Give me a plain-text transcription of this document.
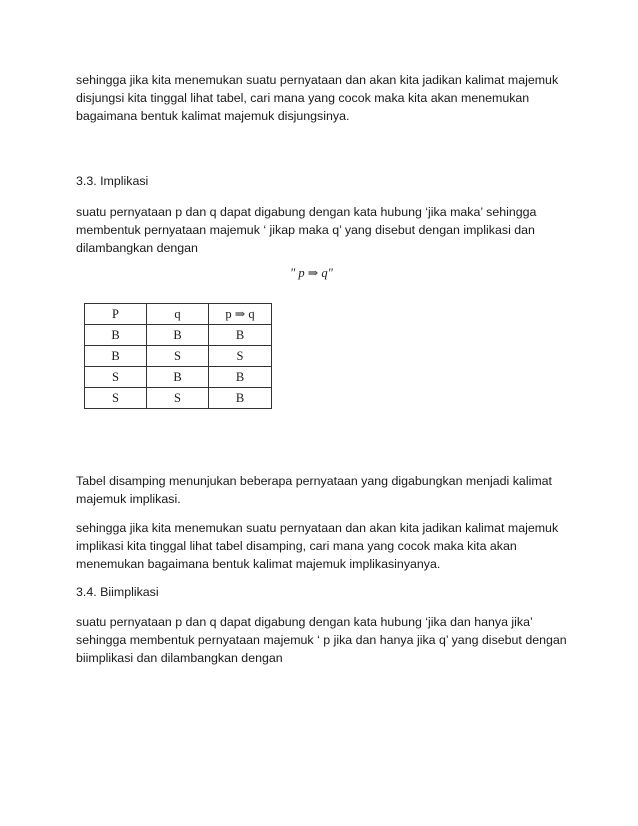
sehingga jika kita menemukan suatu pernyataan dan akan kita jadikan kalimat majemuk disjungsi kita tinggal lihat tabel, cari mana yang cocok maka kita akan menemukan bagaimana bentuk kalimat majemuk disjungsinya.

3.3. Implikasi

suatu pernyataan p dan q dapat digabung dengan kata hubung ‘jika maka’ sehingga membentuk pernyataan majemuk ‘ jikap maka q’ yang disebut dengan implikasi dan dilambangkan dengan

" p ⇒ q"
P	q	p ⇒ q
B	B	B
B	S	S
S	B	B
S	S	B

Tabel disamping menunjukan beberapa pernyataan yang digabungkan menjadi kalimat majemuk implikasi.

sehingga jika kita menemukan suatu pernyataan dan akan kita jadikan kalimat majemuk implikasi kita tinggal lihat tabel disamping, cari mana yang cocok maka kita akan menemukan bagaimana bentuk kalimat majemuk implikasinyanya.

3.4. Biimplikasi

suatu pernyataan p dan q dapat digabung dengan kata hubung ‘jika dan hanya jika’ sehingga membentuk pernyataan majemuk ‘ p jika dan hanya jika q’ yang disebut dengan biimplikasi dan dilambangkan dengan
